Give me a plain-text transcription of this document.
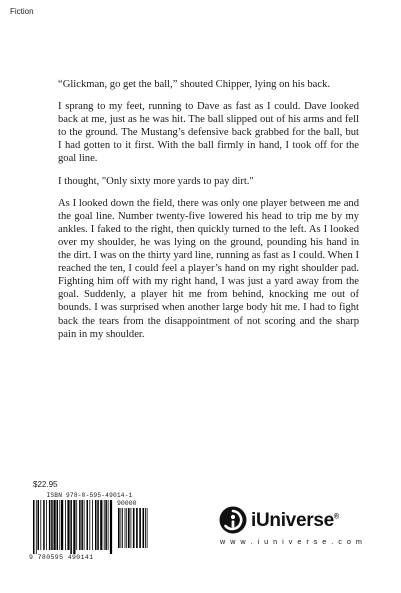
Fiction

“Glickman, go get the ball,” shouted Chipper, lying on his back.

I sprang to my feet, running to Dave as fast as I could. Dave looked back at me, just as he was hit. The ball slipped out of his arms and fell to the ground. The Mustang’s defensive back grabbed for the ball, but I had gotten to it first. With the ball firmly in hand, I took off for the goal line.

I thought, "Only sixty more yards to pay dirt."

As I looked down the field, there was only one player between me and the goal line. Number twenty-five lowered his head to trip me by my ankles. I faked to the right, then quickly turned to the left. As I looked over my shoulder, he was lying on the ground, pounding his hand in the dirt. I was on the thirty yard line, running as fast as I could. When I reached the ten, I could feel a player’s hand on my right shoulder pad. Fighting him off with my right hand, I was just a yard away from the goal. Suddenly, a player hit me from behind, knocking me out of bounds. I was surprised when another large body hit me. I had to fight back the tears from the disappointment of not scoring and the sharp pain in my shoulder.

$22.95
ISBN 978-0-595-49014-1
90000
9 780595 490141
iUniverse®
w w w . i u n i v e r s e . c o m
